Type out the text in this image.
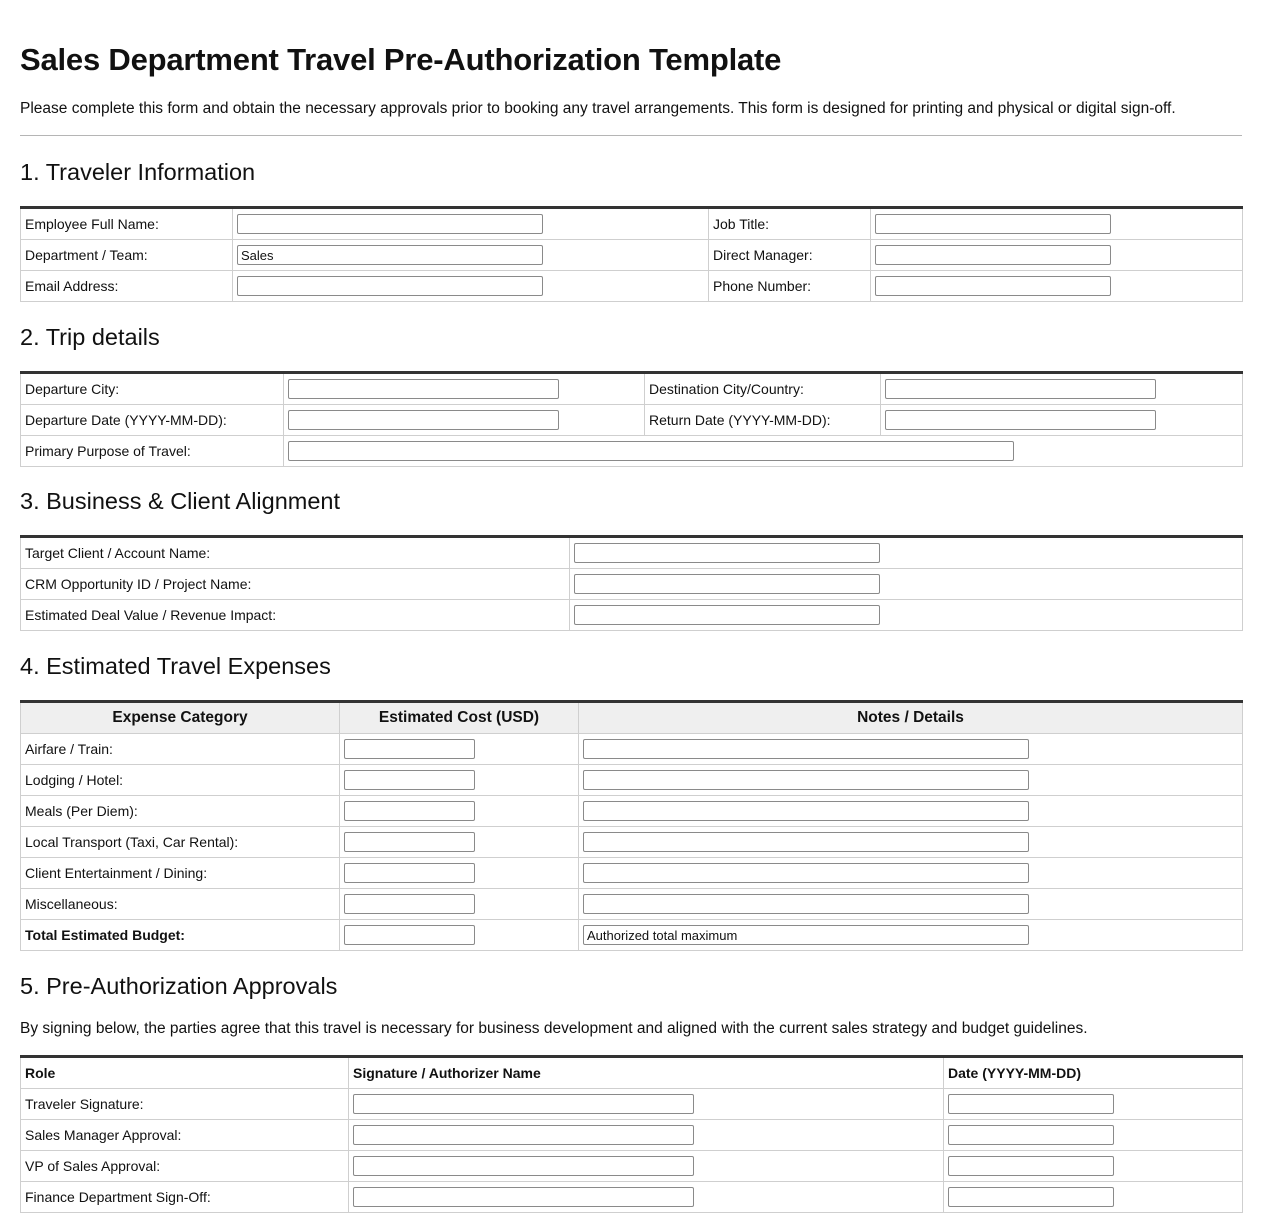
Sales Department Travel Pre-Authorization Template

Please complete this form and obtain the necessary approvals prior to booking any travel arrangements. This form is designed for printing and physical or digital sign-off.

1. Traveler Information
Employee Full Name:		Job Title:	

Department / Team:	Sales	Direct Manager:	

Email Address:		Phone Number:	
2. Trip details
Departure City:		Destination City/Country:	

Departure Date (YYYY-MM-DD):		Return Date (YYYY-MM-DD):	

Primary Purpose of Travel:			
3. Business & Client Alignment
Target Client / Account Name:	

CRM Opportunity ID / Project Name:	

Estimated Deal Value / Revenue Impact:	
4. Estimated Travel Expenses
Expense Category	Estimated Cost (USD)	Notes / Details
Airfare / Train:	

Lodging / Hotel:	

Meals (Per Diem):	

Local Transport (Taxi, Car Rental):	

Client Entertainment / Dining:	

Miscellaneous:	

Total Estimated Budget:		Authorized total maximum
5. Pre-Authorization Approvals

By signing below, the parties agree that this travel is necessary for business development and aligned with the current sales strategy and budget guidelines.

Role	Signature / Authorizer Name	Date (YYYY-MM-DD)
Traveler Signature:	

Sales Manager Approval:	

VP of Sales Approval:	

Finance Department Sign-Off:	
